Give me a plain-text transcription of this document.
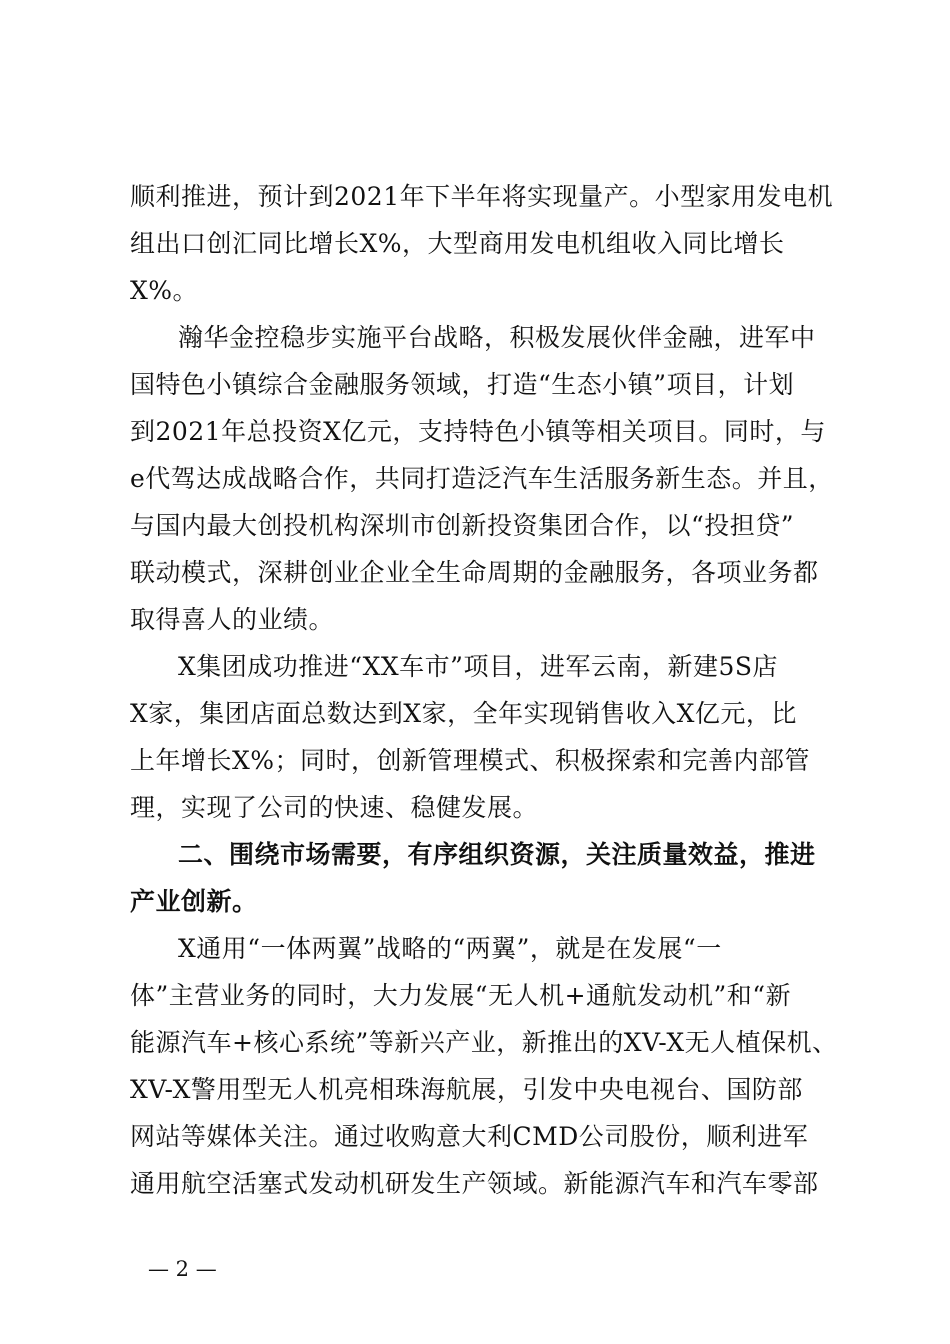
顺利推进，预计到2021年下半年将实现量产。小型家用发电机
组出口创汇同比增长X%，大型商用发电机组收入同比增长
X%。
瀚华金控稳步实施平台战略，积极发展伙伴金融，进军中
国特色小镇综合金融服务领域，打造“生态小镇”项目，计划
到2021年总投资X亿元，支持特色小镇等相关项目。同时，与
e代驾达成战略合作，共同打造泛汽车生活服务新生态。并且，
与国内最大创投机构深圳市创新投资集团合作，以“投担贷”
联动模式，深耕创业企业全生命周期的金融服务，各项业务都
取得喜人的业绩。
X集团成功推进“XX车市”项目，进军云南，新建5S店
X家，集团店面总数达到X家，全年实现销售收入X亿元，比
上年增长X%；同时，创新管理模式、积极探索和完善内部管
理，实现了公司的快速、稳健发展。
二、围绕市场需要，有序组织资源，关注质量效益，推进
产业创新。
X通用“一体两翼”战略的“两翼”，就是在发展“一
体”主营业务的同时，大力发展“无人机+通航发动机”和“新
能源汽车+核心系统”等新兴产业，新推出的XV-X无人植保机、
XV-X警用型无人机亮相珠海航展，引发中央电视台、国防部
网站等媒体关注。通过收购意大利CMD公司股份，顺利进军
通用航空活塞式发动机研发生产领域。新能源汽车和汽车零部
— 2 —
